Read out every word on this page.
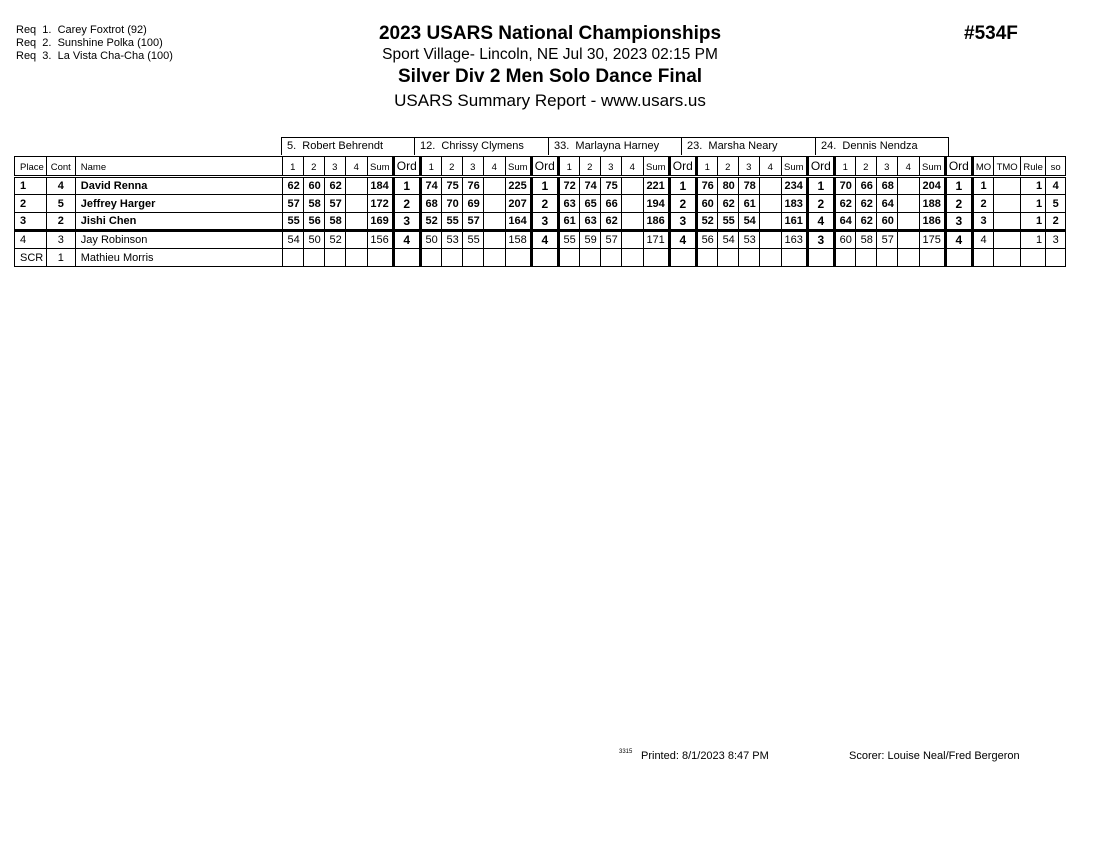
Req  1.  Carey Foxtrot (92)
Req  2.  Sunshine Polka (100)
Req  3.  La Vista Cha-Cha (100)
2023 USARS National Championships
Sport Village- Lincoln, NE Jul 30, 2023 02:15 PM
Silver Div 2 Men Solo Dance Final
USARS Summary Report - www.usars.us
#534F
5.  Robert Behrendt	12.  Chrissy Clymens	33.  Marlayna Harney	23.  Marsha Neary	24.  Dennis Nendza
Place	Cont	Name	1	2	3	4	Sum	Ord	1	2	3	4	Sum	Ord	1	2	3	4	Sum	Ord	1	2	3	4	Sum	Ord	1	2	3	4	Sum	Ord	MO	TMO	Rule	so
1	4	David Renna	62	60	62		184	1	74	75	76		225	1	72	74	75		221	1	76	80	78		234	1	70	66	68		204	1	1		1	4
2	5	Jeffrey Harger	57	58	57		172	2	68	70	69		207	2	63	65	66		194	2	60	62	61		183	2	62	62	64		188	2	2		1	5
3	2	Jishi Chen	55	56	58		169	3	52	55	57		164	3	61	63	62		186	3	52	55	54		161	4	64	62	60		186	3	3		1	2
4	3	Jay Robinson	54	50	52		156	4	50	53	55		158	4	55	59	57		171	4	56	54	53		163	3	60	58	57		175	4	4		1	3
SCR	1	Mathieu Morris																																		
3315 Printed: 8/1/2023 8:47 PM	Scorer: Louise Neal/Fred Bergeron
